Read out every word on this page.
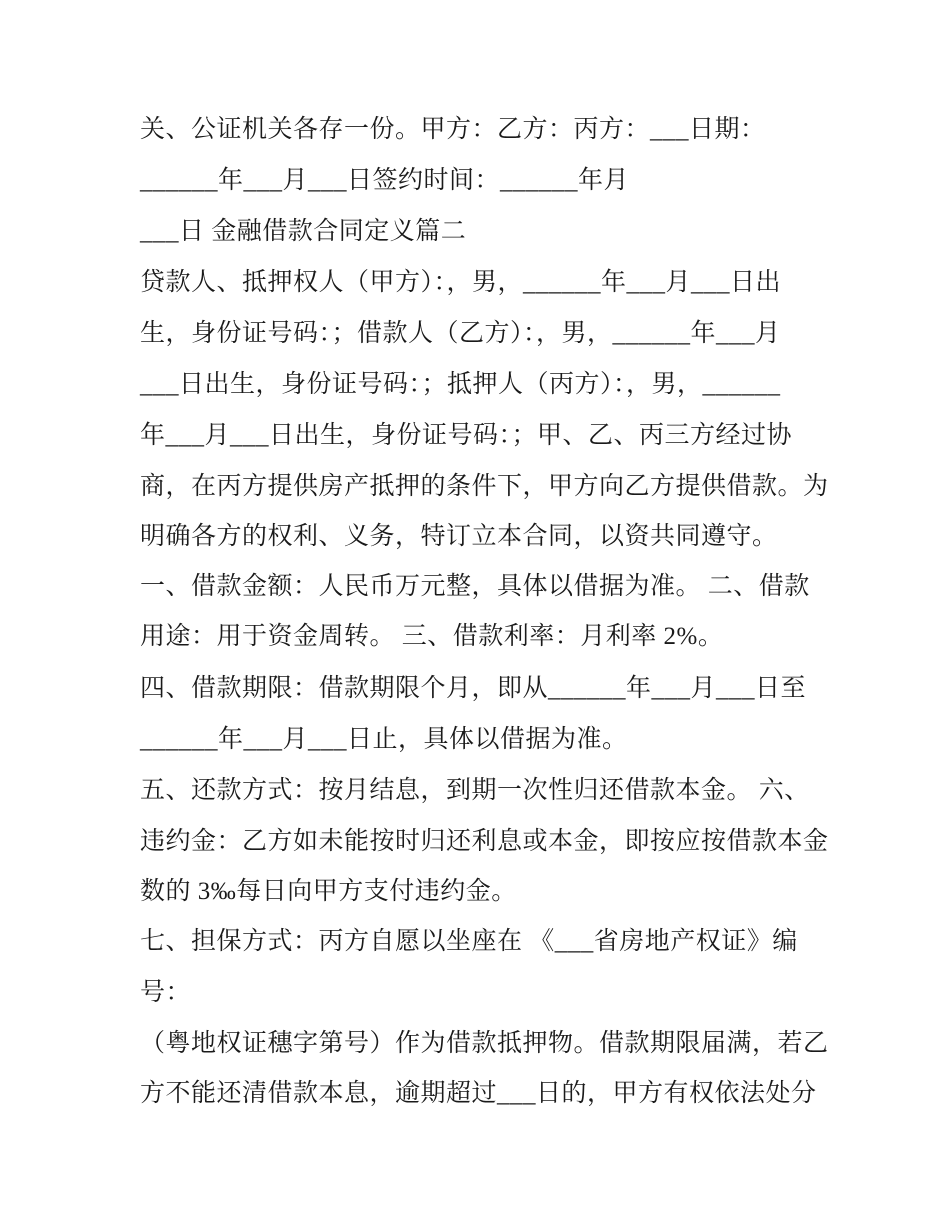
关、公证机关各存一份。甲方：乙方：丙方：___日期：
______年___月___日签约时间：______年月
___日 金融借款合同定义篇二
贷款人、抵押权人（甲方）：，男，______年___月___日出
生，身份证号码：；借款人（乙方）：，男，______年___月
___日出生，身份证号码：；抵押人（丙方）：，男，______
年___月___日出生，身份证号码：；甲、乙、丙三方经过协
商，在丙方提供房产抵押的条件下，甲方向乙方提供借款。为
明确各方的权利、义务，特订立本合同，以资共同遵守。
一、借款金额：人民币万元整，具体以借据为准。 二、借款
用途：用于资金周转。 三、借款利率：月利率 2%。
四、借款期限：借款期限个月，即从______年___月___日至
______年___月___日止，具体以借据为准。
五、还款方式：按月结息，到期一次性归还借款本金。 六、
违约金：乙方如未能按时归还利息或本金，即按应按借款本金
数的 3‰每日向甲方支付违约金。
七、担保方式：丙方自愿以坐座在 《___省房地产权证》编
号：
（粤地权证穗字第号）作为借款抵押物。借款期限届满，若乙
方不能还清借款本息，逾期超过___日的，甲方有权依法处分
